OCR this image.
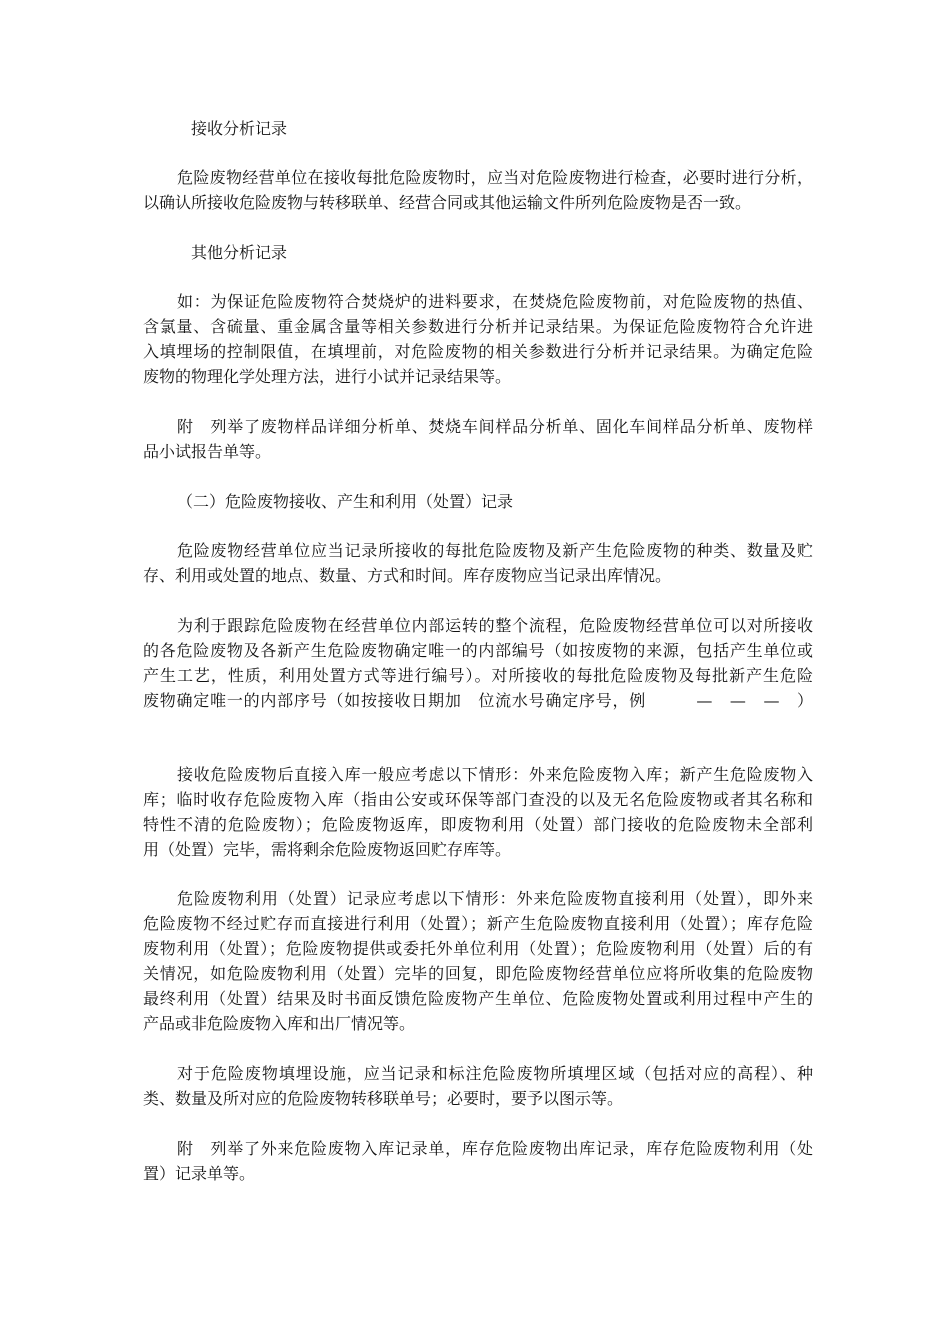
接收分析记录
危险废物经营单位在接收每批危险废物时，应当对危险废物进行检查，必要时进行分析，
以确认所接收危险废物与转移联单、经营合同或其他运输文件所列危险废物是否一致。
其他分析记录
如：为保证危险废物符合焚烧炉的进料要求，在焚烧危险废物前，对危险废物的热值、
含氯量、含硫量、重金属含量等相关参数进行分析并记录结果。为保证危险废物符合允许进
入填埋场的控制限值，在填埋前，对危险废物的相关参数进行分析并记录结果。为确定危险
废物的物理化学处理方法，进行小试并记录结果等。
附　列举了废物样品详细分析单、焚烧车间样品分析单、固化车间样品分析单、废物样
品小试报告单等。
（二）危险废物接收、产生和利用（处置）记录
危险废物经营单位应当记录所接收的每批危险废物及新产生危险废物的种类、数量及贮
存、利用或处置的地点、数量、方式和时间。库存废物应当记录出库情况。
为利于跟踪危险废物在经营单位内部运转的整个流程，危险废物经营单位可以对所接收
的各危险废物及各新产生危险废物确定唯一的内部编号（如按废物的来源，包括产生单位或
产生工艺，性质，利用处置方式等进行编号）。对所接收的每批危险废物及每批新产生危险
废物确定唯一的内部序号（如按接收日期加　位流水号确定序号，例　　　—　—　—　）
接收危险废物后直接入库一般应考虑以下情形：外来危险废物入库；新产生危险废物入
库；临时收存危险废物入库（指由公安或环保等部门查没的以及无名危险废物或者其名称和
特性不清的危险废物）；危险废物返库，即废物利用（处置）部门接收的危险废物未全部利
用（处置）完毕，需将剩余危险废物返回贮存库等。
危险废物利用（处置）记录应考虑以下情形：外来危险废物直接利用（处置），即外来
危险废物不经过贮存而直接进行利用（处置）；新产生危险废物直接利用（处置）；库存危险
废物利用（处置）；危险废物提供或委托外单位利用（处置）；危险废物利用（处置）后的有
关情况，如危险废物利用（处置）完毕的回复，即危险废物经营单位应将所收集的危险废物
最终利用（处置）结果及时书面反馈危险废物产生单位、危险废物处置或利用过程中产生的
产品或非危险废物入库和出厂情况等。
对于危险废物填埋设施，应当记录和标注危险废物所填埋区域（包括对应的高程）、种
类、数量及所对应的危险废物转移联单号；必要时，要予以图示等。
附　列举了外来危险废物入库记录单，库存危险废物出库记录，库存危险废物利用（处
置）记录单等。
